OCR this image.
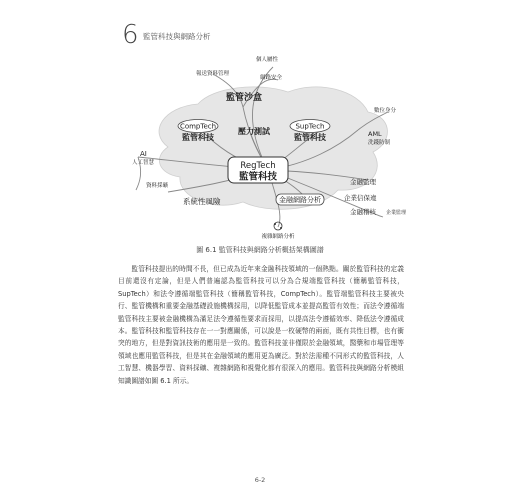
6 監管科技與網路分析
報送資料管理
個人屬性
網路安全
監管沙盒
CompTech
監管科技
壓力測試
SupTech
監管科技	AML
洗錢防制
AI
人工智慧
資料採礦
RegTech
監管科技
系統性風險	金融網路分析
金融監理
企業信保違
金融稽核 企業監理
複雜網路分析
數位身分
圖 6.1 監管科技與網路分析概括架構圖譜

監管科技提出的時間不長，但已成為近年來金融科技領域的一個熱點。關於監管科技的定義目前還沒有定論，但是人們普遍認為監管科技可以分為合規端監管科技（簡稱監管科技，SupTech）和法令遵循端監管科技（簡稱監管科技，CompTech）。監管端監管科技主要被央行、監管機構和重要金融基礎設施機構採用，以降低監管成本並提高監管有效性；而法令遵循端監管科技主要被金融機構為滿足法令遵循性要求而採用，以提高法令遵循效率、降低法令遵循成本。監管科技和監管科技存在一一對應關係，可以說是一枚硬幣的兩面，既有共性目標，也有衝突的地方，但是對資訊技術的應用是一致的。監管科技並非僅限於金融領域，醫藥和市場管理等領域也應用監管科技，但是其在金融領域的應用更為廣泛。對於法需種不同形式的監管科技，人工智慧、機器學習、資料採礦、複雜網路和視覺化都有很深入的應用。監管科技與網路分析模組知識圖譜如圖 6.1 所示。

6-2
